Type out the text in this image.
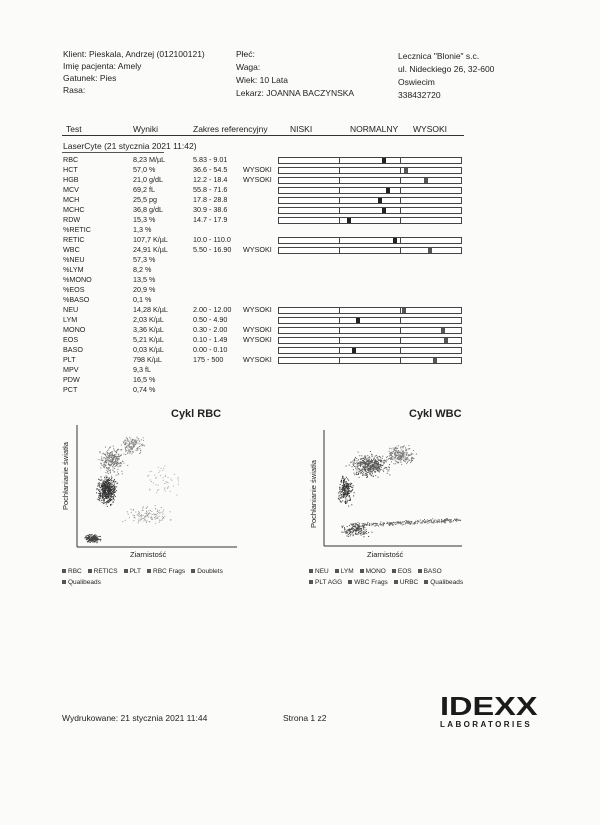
Klient: Pieskala, Andrzej (012100121)
Imię pacjenta: Amely
Gatunek: Pies
Rasa:
Płeć:
Waga:
Wiek: 10 Lata
Lekarz: JOANNA BACZYNSKA
Lecznica "Blonie" s.c.
ul. Nideckiego 26, 32-600
Oswiecim
338432720
Test	Wyniki	Zakres referencyjny	NISKI	NORMALNY WYSOKI
LaserCyte (21 stycznia 2021 11:42)
RBC	8,23 M/µL	5.83 - 9.01
HCT	57,0 %	36.6 - 54.5 WYSOKI
HGB	21,0 g/dL	12.2 - 18.4 WYSOKI
MCV	69,2 fL	55.8 - 71.6
MCH	25,5 pg	17.8 - 28.8
MCHC	36,8 g/dL	30.9 - 38.6
RDW	15,3 %	14.7 - 17.9
%RETIC	1,3 %
RETIC	107,7 K/µL	10.0 - 110.0
WBC	24,91 K/µL	5.50 - 16.90 WYSOKI
%NEU	57,3 %
%LYM	8,2 %
%MONO	13,5 %
%EOS	20,9 %
%BASO	0,1 %
NEU	14,28 K/µL	2.00 - 12.00 WYSOKI
LYM	2,03 K/µL	0.50 - 4.90
MONO	3,36 K/µL	0.30 - 2.00 WYSOKI
EOS	5,21 K/µL	0.10 - 1.49 WYSOKI
BASO	0,03 K/µL	0.00 - 0.10
PLT	798 K/µL	175 - 500	WYSOKI
MPV	9,3 fL
PDW	16,5 %
PCT	0,74 %
Cykl RBC
Pochłanianie światła
Ziarnistość
RBC RETICS PLT RBC Frags DoubletsQualibeads
Cykl WBC
Pochłanianie światła
Ziarnistość
NEU LYM MONO EOS BASOPLT AGG WBC Frags URBC Qualibeads
Wydrukowane: 21 stycznia 2021 11:44	Strona 1 z2	IDEXX
LABORATORIES
